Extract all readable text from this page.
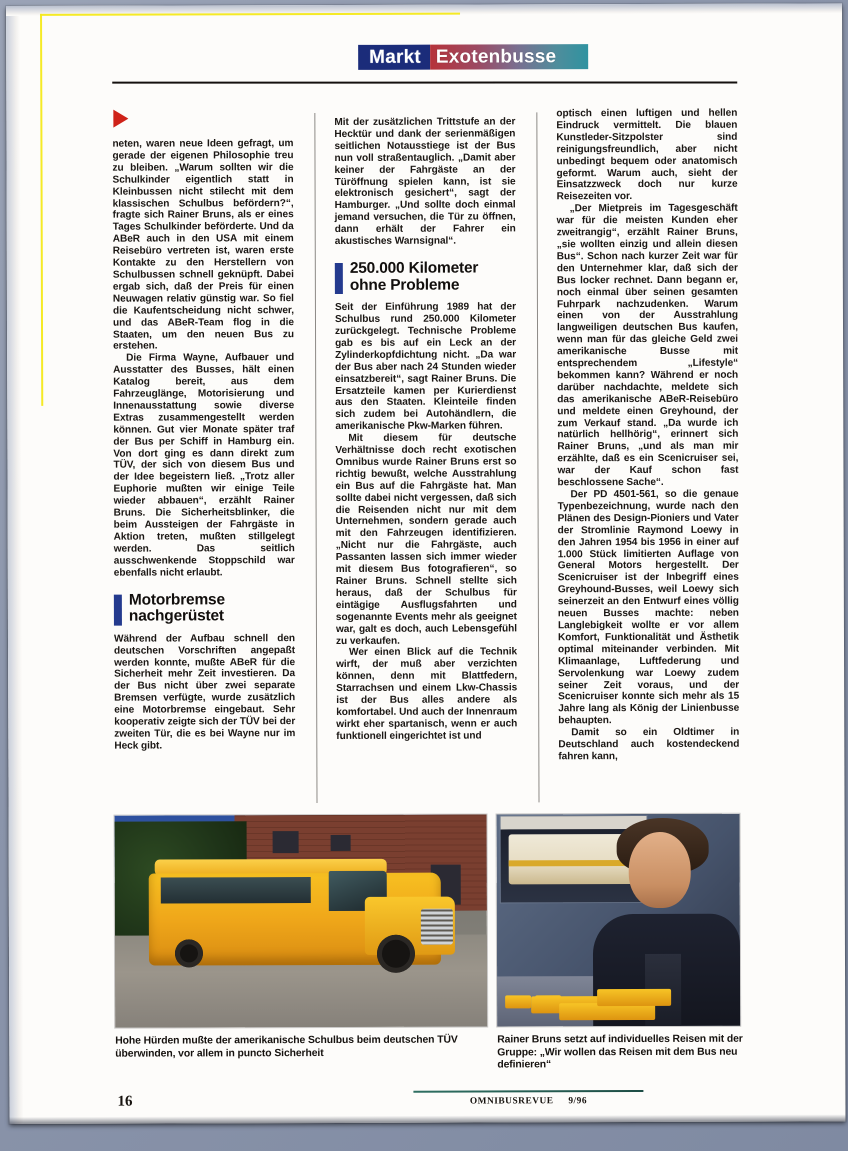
Markt Exotenbusse

neten, waren neue Ideen gefragt, um gerade der eigenen Philosophie treu zu bleiben. „Warum sollten wir die Schulkinder eigentlich statt in Kleinbussen nicht stilecht mit dem klassischen Schulbus befördern?“, fragte sich Rainer Bruns, als er eines Tages Schulkinder beförderte. Und da ABeR auch in den USA mit einem Reisebüro vertreten ist, waren erste Kontakte zu den Herstellern von Schulbussen schnell geknüpft. Dabei ergab sich, daß der Preis für einen Neuwagen relativ günstig war. So fiel die Kaufentscheidung nicht schwer, und das ABeR-Team flog in die Staaten, um den neuen Bus zu erstehen.

Die Firma Wayne, Aufbauer und Ausstatter des Busses, hält einen Katalog bereit, aus dem Fahrzeuglänge, Motorisierung und Innenausstattung sowie diverse Extras zusammengestellt werden können. Gut vier Monate später traf der Bus per Schiff in Hamburg ein. Von dort ging es dann direkt zum TÜV, der sich von diesem Bus und der Idee begeistern ließ. „Trotz aller Euphorie mußten wir einige Teile wieder abbauen“, erzählt Rainer Bruns. Die Sicherheitsblinker, die beim Aussteigen der Fahrgäste in Aktion treten, mußten stillgelegt werden. Das seitlich ausschwenkende Stoppschild war ebenfalls nicht erlaubt.

Motorbremse
nachgerüstet

Während der Aufbau schnell den deutschen Vorschriften angepaßt werden konnte, mußte ABeR für die Sicherheit mehr Zeit investieren. Da der Bus nicht über zwei separate Bremsen verfügte, wurde zusätzlich eine Motorbremse eingebaut. Sehr kooperativ zeigte sich der TÜV bei der zweiten Tür, die es bei Wayne nur im Heck gibt.

Mit der zusätzlichen Trittstufe an der Hecktür und dank der serienmäßigen seitlichen Notausstiege ist der Bus nun voll straßentauglich. „Damit aber keiner der Fahrgäste an der Türöffnung spielen kann, ist sie elektronisch gesichert“, sagt der Hamburger. „Und sollte doch einmal jemand versuchen, die Tür zu öffnen, dann erhält der Fahrer ein akustisches Warnsignal“.

250.000 Kilometer
ohne Probleme

Seit der Einführung 1989 hat der Schulbus rund 250.000 Kilometer zurückgelegt. Technische Probleme gab es bis auf ein Leck an der Zylinderkopfdichtung nicht. „Da war der Bus aber nach 24 Stunden wieder einsatzbereit“, sagt Rainer Bruns. Die Ersatzteile kamen per Kurierdienst aus den Staaten. Kleinteile finden sich zudem bei Autohändlern, die amerikanische Pkw-Marken führen.

Mit diesem für deutsche Verhältnisse doch recht exotischen Omnibus wurde Rainer Bruns erst so richtig bewußt, welche Ausstrahlung ein Bus auf die Fahrgäste hat. Man sollte dabei nicht vergessen, daß sich die Reisenden nicht nur mit dem Unternehmen, sondern gerade auch mit den Fahrzeugen identifizieren. „Nicht nur die Fahrgäste, auch Passanten lassen sich immer wieder mit diesem Bus fotografieren“, so Rainer Bruns. Schnell stellte sich heraus, daß der Schulbus für eintägige Ausflugsfahrten und sogenannte Events mehr als geeignet war, galt es doch, auch Lebensgefühl zu verkaufen.

Wer einen Blick auf die Technik wirft, der muß aber verzichten können, denn mit Blattfedern, Starrachsen und einem Lkw-Chassis ist der Bus alles andere als komfortabel. Und auch der Innenraum wirkt eher spartanisch, wenn er auch funktionell eingerichtet ist und

optisch einen luftigen und hellen Eindruck vermittelt. Die blauen Kunstleder-Sitzpolster sind reinigungsfreundlich, aber nicht unbedingt bequem oder anatomisch geformt. Warum auch, sieht der Einsatzzweck doch nur kurze Reisezeiten vor.

„Der Mietpreis im Tagesgeschäft war für die meisten Kunden eher zweitrangig“, erzählt Rainer Bruns, „sie wollten einzig und allein diesen Bus“. Schon nach kurzer Zeit war für den Unternehmer klar, daß sich der Bus locker rechnet. Dann begann er, noch einmal über seinen gesamten Fuhrpark nachzudenken. Warum einen von der Ausstrahlung langweiligen deutschen Bus kaufen, wenn man für das gleiche Geld zwei amerikanische Busse mit entsprechendem „Lifestyle“ bekommen kann? Während er noch darüber nachdachte, meldete sich das amerikanische ABeR-Reisebüro und meldete einen Greyhound, der zum Verkauf stand. „Da wurde ich natürlich hellhörig“, erinnert sich Rainer Bruns, „und als man mir erzählte, daß es ein Scenicruiser sei, war der Kauf schon fast beschlossene Sache“.

Der PD 4501-561, so die genaue Typenbezeichnung, wurde nach den Plänen des Design-Pioniers und Vater der Stromlinie Raymond Loewy in den Jahren 1954 bis 1956 in einer auf 1.000 Stück limitierten Auflage von General Motors hergestellt. Der Scenicruiser ist der Inbegriff eines Greyhound-Busses, weil Loewy sich seinerzeit an den Entwurf eines völlig neuen Busses machte: neben Langlebigkeit wollte er vor allem Komfort, Funktionalität und Ästhetik optimal miteinander verbinden. Mit Klimaanlage, Luftfederung und Servolenkung war Loewy zudem seiner Zeit voraus, und der Scenicruiser konnte sich mehr als 15 Jahre lang als König der Linienbusse behaupten.

Damit so ein Oldtimer in Deutschland auch kostendeckend fahren kann,

Hohe Hürden mußte der amerikanische Schulbus beim deutschen TÜV überwinden, vor allem in puncto Sicherheit
Rainer Bruns setzt auf individuelles Reisen mit der Gruppe: „Wir wollen das Reisen mit dem Bus neu definieren“
16	OMNIBUSREVUE 9/96
